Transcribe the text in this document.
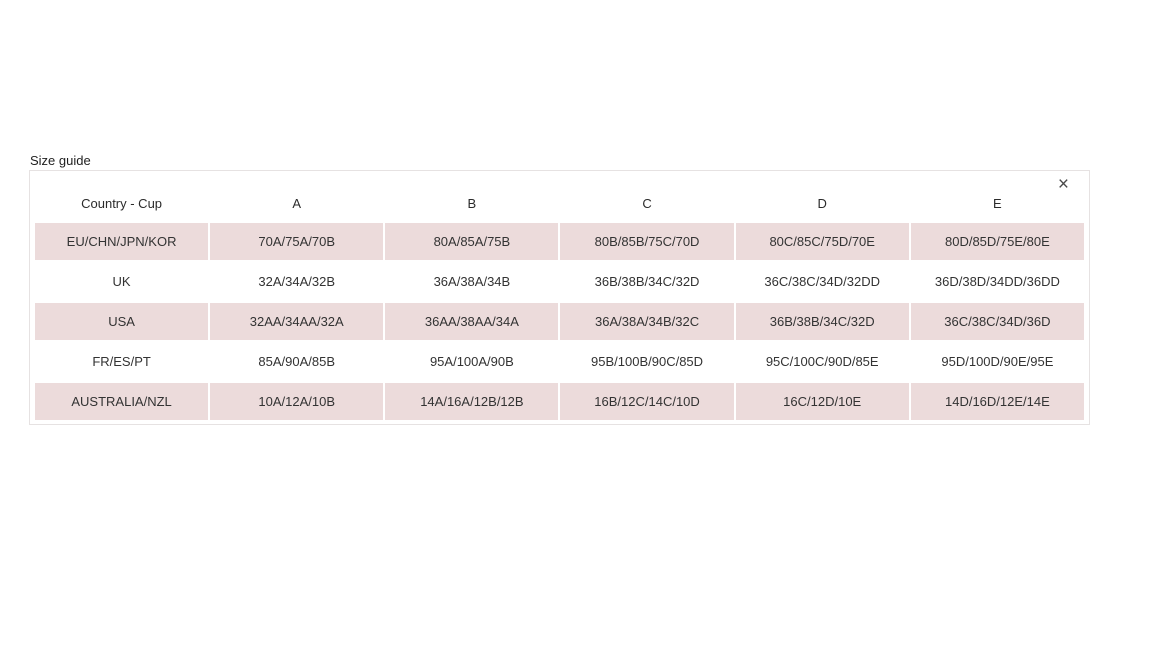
Size guide
×
Country - Cup	A	B	C	D	E
EU/CHN/JPN/KOR	70A/75A/70B	80A/85A/75B	80B/85B/75C/70D	80C/85C/75D/70E	80D/85D/75E/80E
UK	32A/34A/32B	36A/38A/34B	36B/38B/34C/32D	36C/38C/34D/32DD	36D/38D/34DD/36DD
USA	32AA/34AA/32A	36AA/38AA/34A	36A/38A/34B/32C	36B/38B/34C/32D	36C/38C/34D/36D
FR/ES/PT	85A/90A/85B	95A/100A/90B	95B/100B/90C/85D	95C/100C/90D/85E	95D/100D/90E/95E
AUSTRALIA/NZL	10A/12A/10B	14A/16A/12B/12B	16B/12C/14C/10D	16C/12D/10E	14D/16D/12E/14E
